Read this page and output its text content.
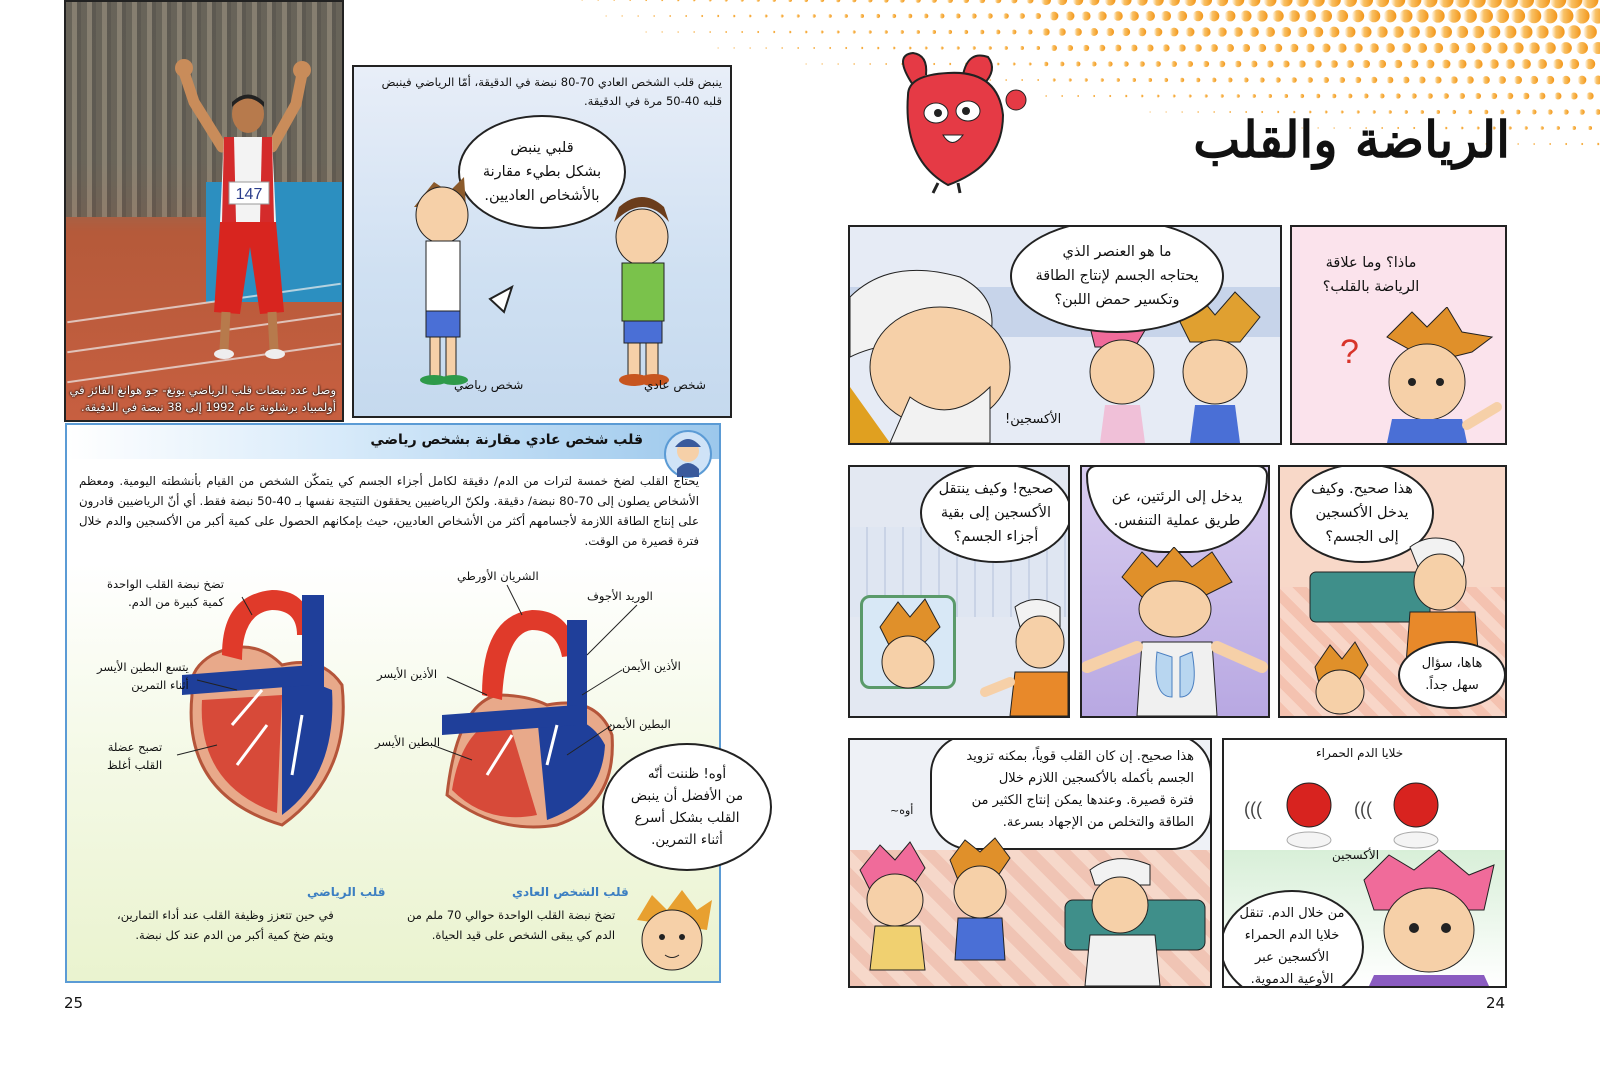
147
وصل عدد نبضات قلب الرياضي يونغ- جو هوانغ الفائز في
أولمبياد برشلونة عام 1992 إلى 38 نبضة في الدقيقة.
ينبض قلب الشخص العادي 70-80 نبضة في الدقيقة، أمّا الرياضي فينبض
قلبه 40-50 مرة في الدقيقة.
قلبي ينبض
بشكل بطيء مقارنة
بالأشخاص العاديين.
شخص رياضي	شخص عادي
قلب شخص عادي مقارنة بشخص رياضي
يحتاج القلب لضخ خمسة لترات من الدم/ دقيقة لكامل أجزاء الجسم كي يتمكّن الشخص من القيام بأنشطته اليومية. ومعظم الأشخاص يصلون إلى 70-80 نبضة/ دقيقة. ولكنّ الرياضيين يحققون النتيجة نفسها بـ 40-50 نبضة فقط. أي أنّ الرياضيين قادرون على إنتاج الطاقة اللازمة لأجسامهم أكثر من الأشخاص العاديين، حيث بإمكانهم الحصول على كمية أكبر من الأكسجين والدم خلال فترة قصيرة من الوقت.
الشريان الأورطي
الوريد الأجوف
الأذين الأيمن
الأذين الأيسر
البطين الأيمن
البطين الأيسر
تضخ نبضة القلب الواحدة
كمية كبيرة من الدم.
يتسع البطين الأيسر
أثناء التمرين
تصبح عضلة
القلب أغلظ
أوه! ظننت أنّه
من الأفضل أن ينبض
القلب بشكل أسرع
أثناء التمرين.
قلب الرياضي
في حين تتعزز وظيفة القلب عند أداء التمارين،
ويتم ضخ كمية أكبر من الدم عند كل نبضة.
قلب الشخص العادي
تضخ نبضة القلب الواحدة حوالي 70 ملم من
الدم كي يبقى الشخص على قيد الحياة.
25
الرياضة والقلب
ماذا؟ وما علاقة
الرياضة بالقلب؟
?
ما هو العنصر الذي
يحتاجه الجسم لإنتاج الطاقة
وتكسير حمض اللبن؟
الأكسجين!
هذا صحيح. وكيف
يدخل الأكسجين
إلى الجسم؟
هاها، سؤال
سهل جداً.
يدخل إلى الرئتين، عن
طريق عملية التنفس.
صحيح! وكيف ينتقل
الأكسجين إلى بقية
أجزاء الجسم؟
خلايا الدم الحمراء
الأكسجين
(((	(((
من خلال الدم. تنقل
خلايا الدم الحمراء
الأكسجين عبر
الأوعية الدموية.
هذا صحيح. إن كان القلب قوياً، بمكنه تزويد
الجسم بأكمله بالأكسجين اللازم خلال
فترة قصيرة. وعندها يمكن إنتاج الكثير من
الطاقة والتخلص من الإجهاد بسرعة.
أوه~
24
